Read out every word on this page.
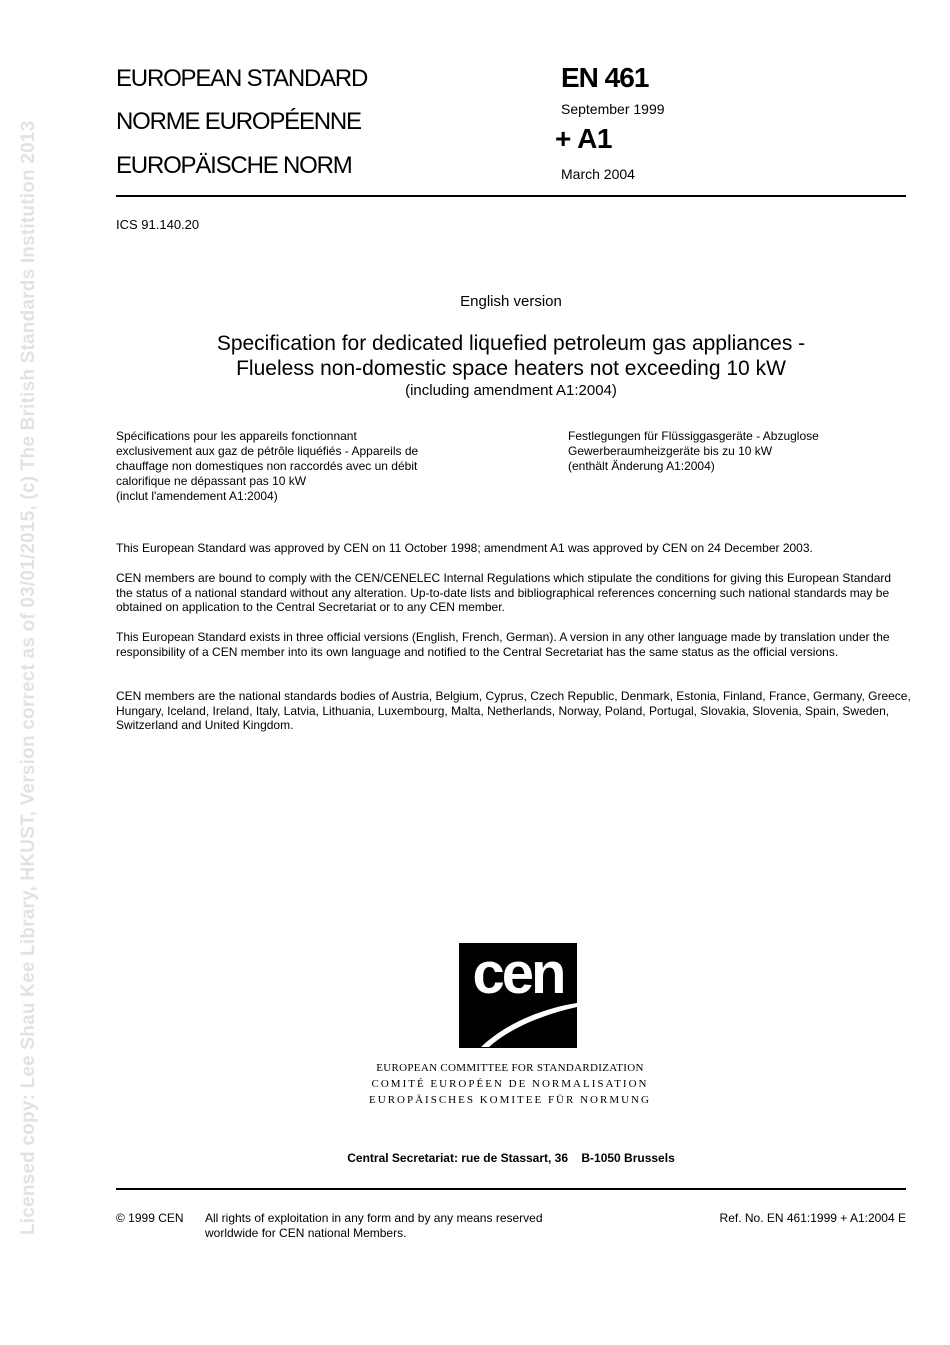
Licensed copy: Lee Shau Kee Library, HKUST, Version correct as of 03/01/2015, (c) The British Standards Institution 2013
EUROPEAN STANDARD
NORME EUROPÉENNE
EUROPÄISCHE NORM
EN 461
September 1999
+ A1
March 2004
ICS 91.140.20
English version
Specification for dedicated liquefied petroleum gas appliances -
Flueless non-domestic space heaters not exceeding 10 kW
(including amendment A1:2004)
Spécifications pour les appareils fonctionnant
exclusivement aux gaz de pétrôle liquéfiés - Appareils de
chauffage non domestiques non raccordés avec un débit
calorifique ne dépassant pas 10 kW
(inclut l'amendement A1:2004)
Festlegungen für Flüssiggasgeräte - Abzuglose
Gewerberaumheizgeräte bis zu 10 kW
(enthält Änderung A1:2004)
This European Standard was approved by CEN on 11 October 1998; amendment A1 was approved by CEN on 24 December 2003.
CEN members are bound to comply with the CEN/CENELEC Internal Regulations which stipulate the conditions for giving this European Standard the status of a national standard without any alteration. Up-to-date lists and bibliographical references concerning such national standards may be obtained on application to the Central Secretariat or to any CEN member.
This European Standard exists in three official versions (English, French, German). A version in any other language made by translation under the responsibility of a CEN member into its own language and notified to the Central Secretariat has the same status as the official versions.
CEN members are the national standards bodies of Austria, Belgium, Cyprus, Czech Republic, Denmark, Estonia, Finland, France, Germany, Greece, Hungary, Iceland, Ireland, Italy, Latvia, Lithuania, Luxembourg, Malta, Netherlands, Norway, Poland, Portugal, Slovakia, Slovenia, Spain, Sweden, Switzerland and United Kingdom.
cen
EUROPEAN COMMITTEE FOR STANDARDIZATION
COMITÉ EUROPÉEN DE NORMALISATION
EUROPÄISCHES KOMITEE FÜR NORMUNG
Central Secretariat: rue de Stassart, 36    B-1050 Brussels
© 1999 CEN All rights of exploitation in any form and by any means reserved
worldwide for CEN national Members.
Ref. No. EN 461:1999 + A1:2004 E
